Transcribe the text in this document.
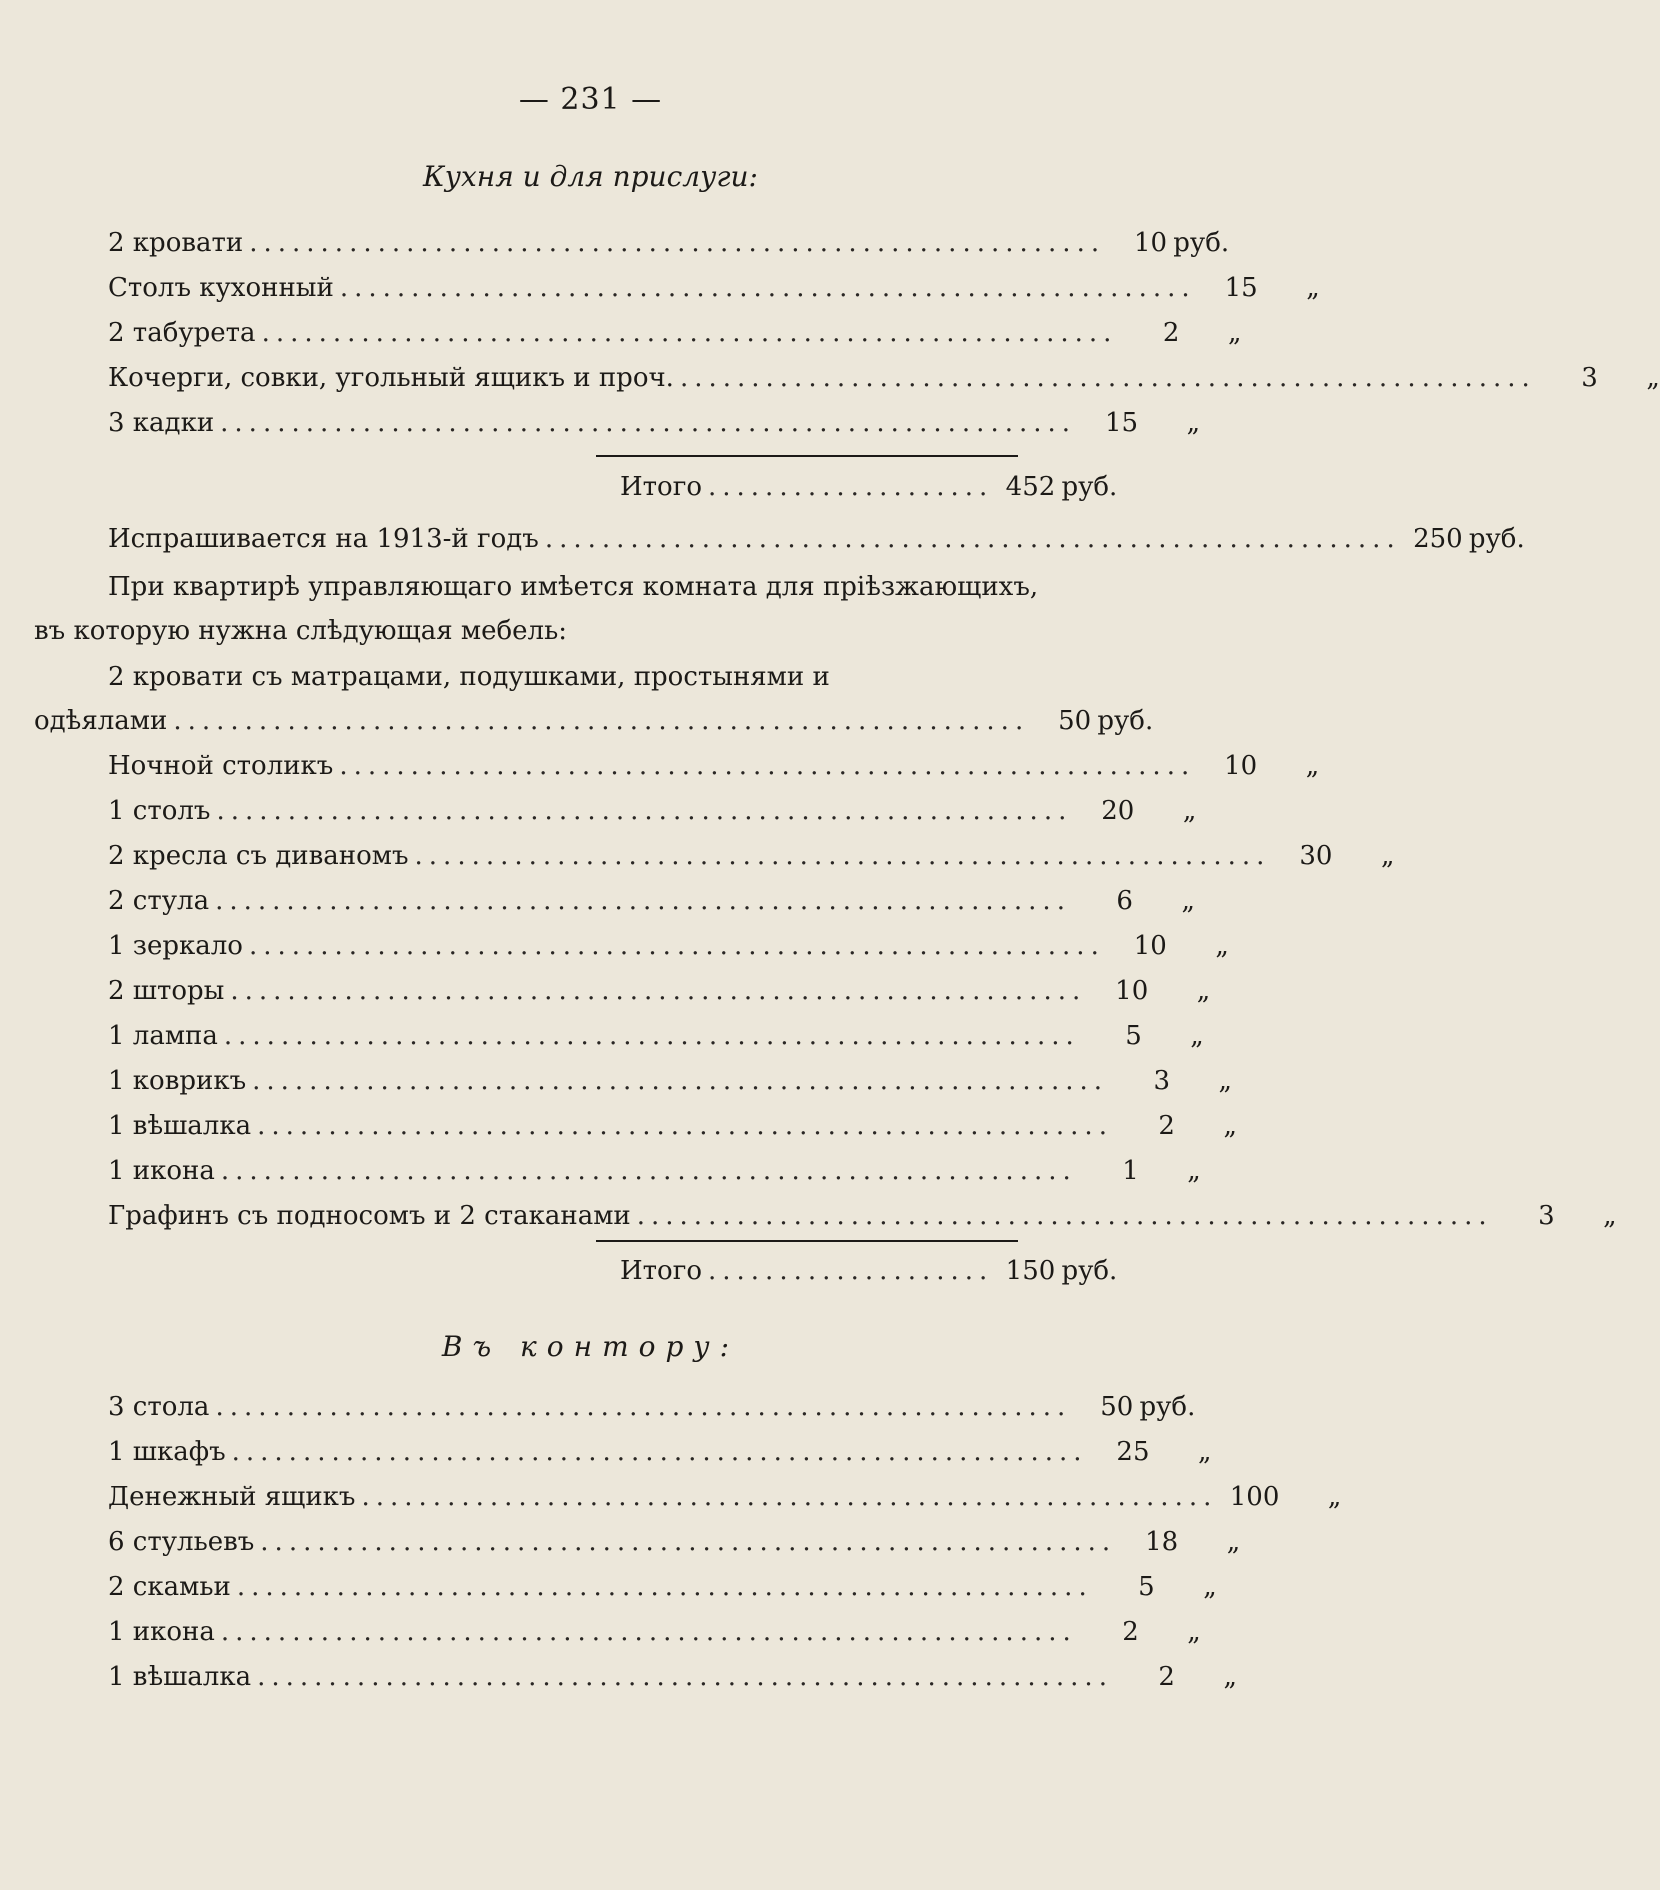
— 231 —
Кухня и для прислуги:
2 кровати ............................................................	10 руб.
Столъ кухонный ............................................................	15	„
2 табурета ............................................................	2	„
Кочерги, совки, угольный ящикъ и проч. ............................................................	3	„
3 кадки ............................................................	15	„
Итого .................... 452 руб.
Испрашивается на 1913-й годъ ............................................................ 250 руб.
При квартирѣ управляющаго имѣется комната для пріѣзжающихъ,
въ которую нужна слѣдующая мебель:
2 кровати съ матрацами, подушками, простынями и
одѣялами ............................................................	50 руб.
Ночной столикъ ............................................................	10	„
1 столъ ............................................................	20	„
2 кресла съ диваномъ ............................................................	30	„
2 стула ............................................................	6	„
1 зеркало ............................................................	10	„
2 шторы ............................................................	10	„
1 лампа ............................................................	5	„
1 коврикъ ............................................................	3	„
1 вѣшалка ............................................................	2	„
1 икона ............................................................	1	„
Графинъ съ подносомъ и 2 стаканами ............................................................	3	„
Итого .................... 150 руб.
Въ контору:
3 стола ............................................................	50 руб.
1 шкафъ ............................................................	25	„
Денежный ящикъ ............................................................ 100	„
6 стульевъ ............................................................	18	„
2 скамьи ............................................................	5	„
1 икона ............................................................	2	„
1 вѣшалка ............................................................	2	„
